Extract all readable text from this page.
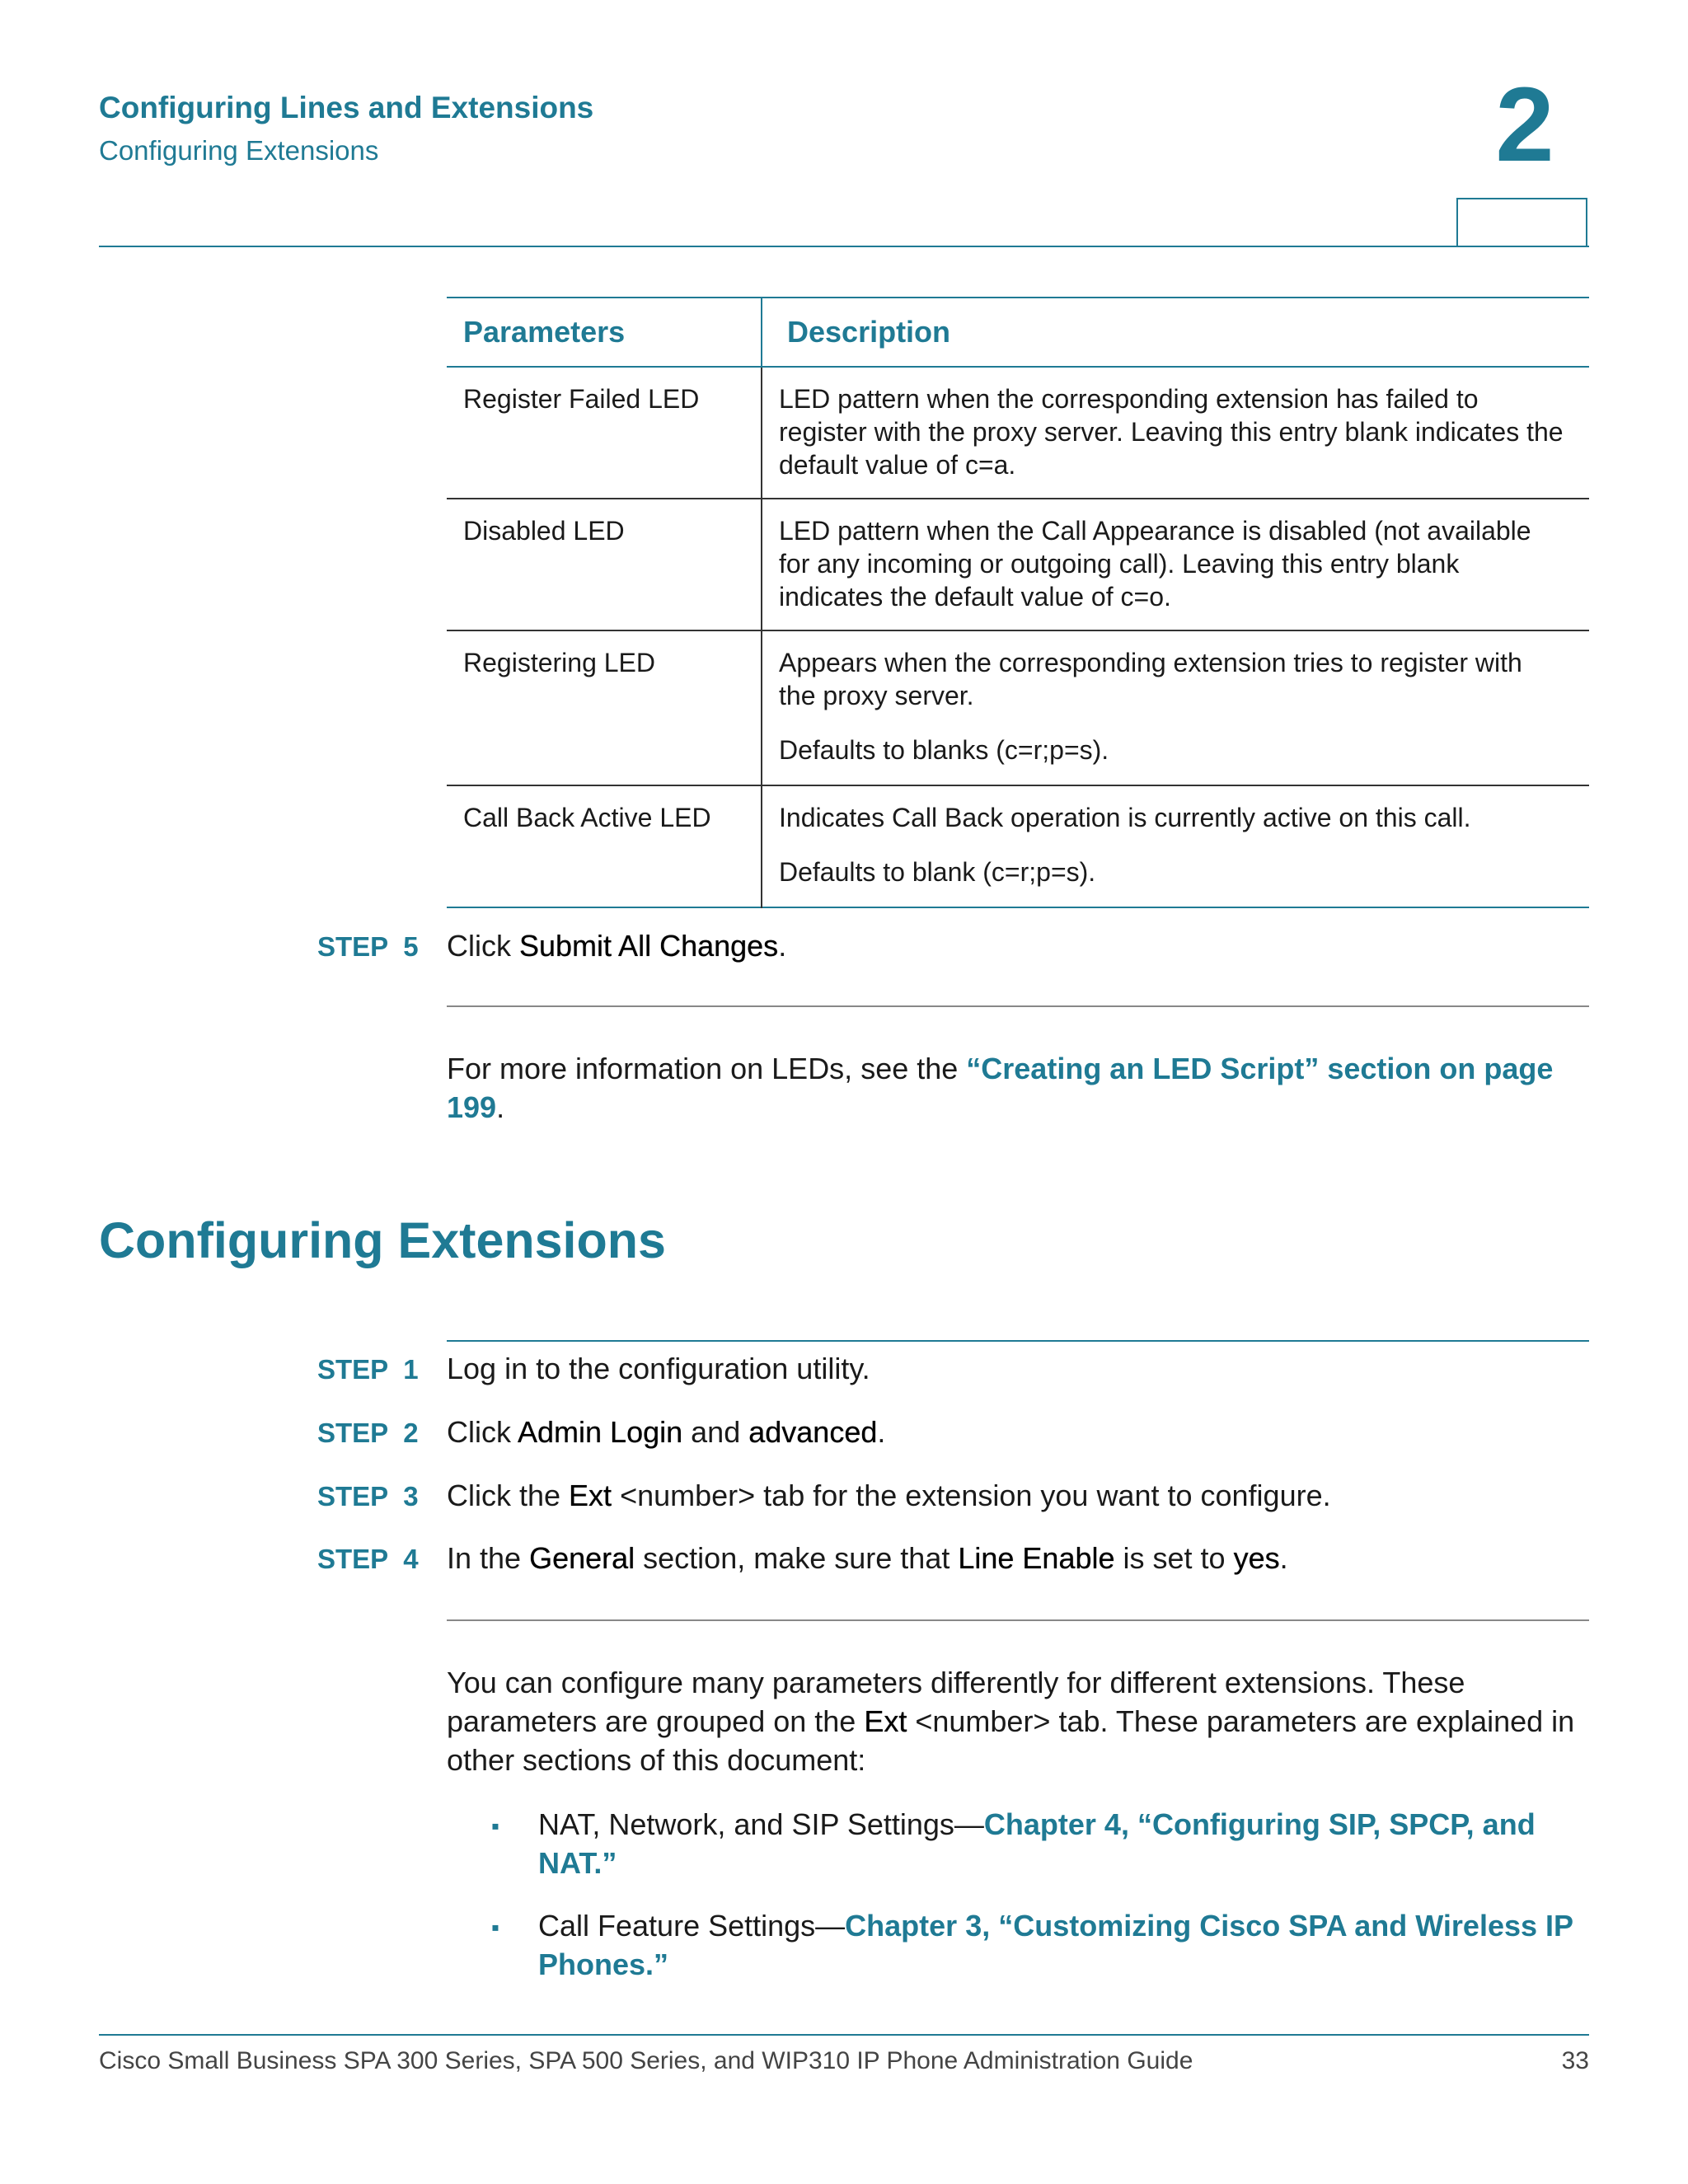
Configuring Lines and Extensions
Configuring Extensions	2
Parameters	Description
Register Failed LED	LED pattern when the corresponding extension has failed to register with the proxy server. Leaving this entry blank indicates the default value of c=a.

Disabled LED	LED pattern when the Call Appearance is disabled (not available for any incoming or outgoing call). Leaving this entry blank indicates the default value of c=o.

Registering LED	Appears when the corresponding extension tries to register with the proxy server.

Defaults to blanks (c=r;p=s).

Call Back Active LED	Indicates Call Back operation is currently active on this call.

Defaults to blank (c=r;p=s).

STEP 5 Click Submit All Changes.
For more information on LEDs, see the “Creating an LED Script” section on page 199.
Configuring Extensions
STEP 1 Log in to the configuration utility.
STEP 2 Click Admin Login and advanced.
STEP 3 Click the Ext <number> tab for the extension you want to configure.
STEP 4 In the General section, make sure that Line Enable is set to yes.
You can configure many parameters differently for different extensions. These parameters are grouped on the Ext <number> tab. These parameters are explained in other sections of this document:
▪ NAT, Network, and SIP Settings—Chapter 4, “Configuring SIP, SPCP, and NAT.”
▪ Call Feature Settings—Chapter 3, “Customizing Cisco SPA and Wireless IP Phones.”
Cisco Small Business SPA 300 Series, SPA 500 Series, and WIP310 IP Phone Administration Guide	33
